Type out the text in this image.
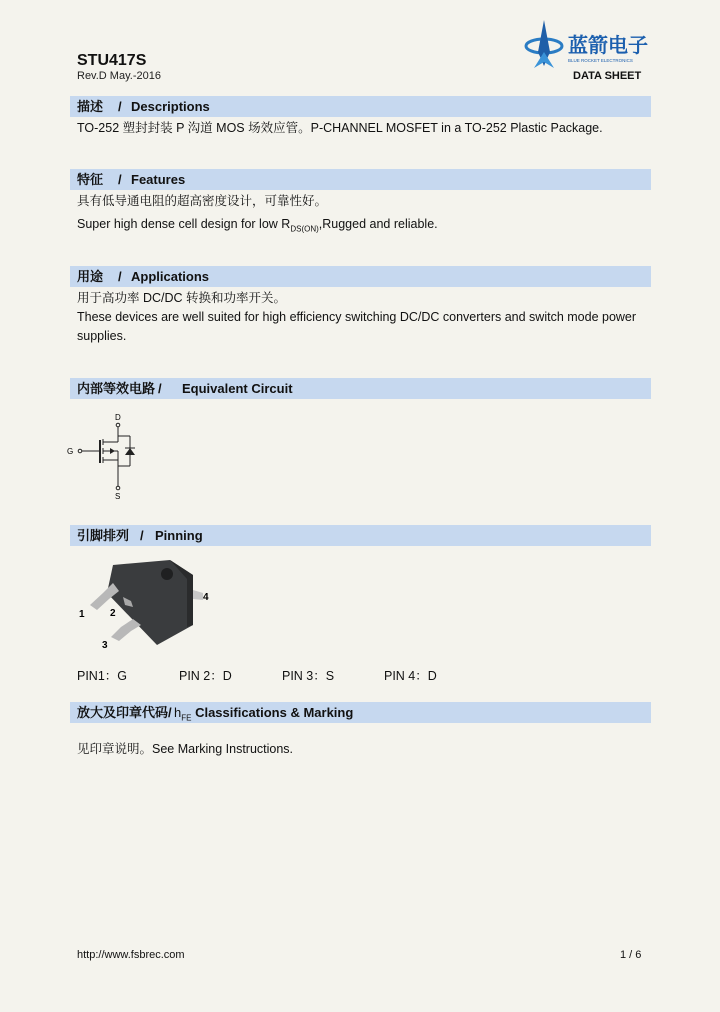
STU417S
Rev.D May.-2016
蓝箭电子
BLUE ROCKET ELECTRONICS
DATA SHEET
描述 / Descriptions
TO-252 塑封封装 P 沟道 MOS 场效应管。P-CHANNEL MOSFET in a TO-252 Plastic Package.
特征 / Features
具有低导通电阻的超高密度设计，可靠性好。
Super high dense cell design for low $R_{DS(ON)},Rugged$ and reliable.
用途 / Applications
用于高功率 DC/DC 转换和功率开关。
These devices are well suited for high efficiency switching DC/DC converters and switch mode power supplies.
内部等效电路 / Equivalent Circuit
D
G
S
引脚排列 / Pinning
1	2
3
4
PIN1：G	PIN 2：D	PIN 3：S	PIN 4：D
放大及印章代码 / $h_{FE}$ Classifications & Marking
见印章说明。See Marking Instructions.
http://www.fsbrec.com	1 / 6
